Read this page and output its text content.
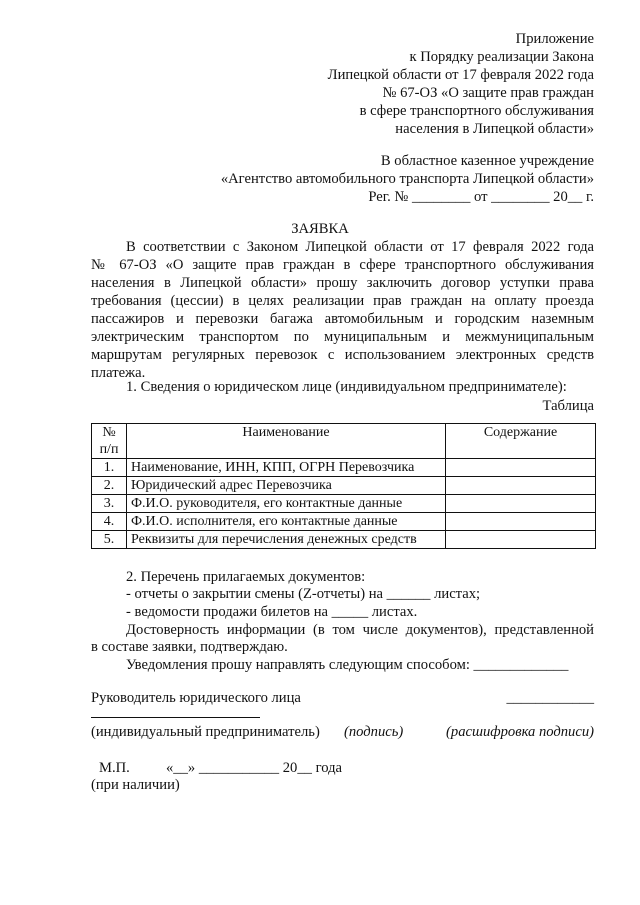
Приложение
к Порядку реализации Закона
Липецкой области от 17 февраля 2022 года
№ 67-ОЗ «О защите прав граждан
в сфере транспортного обслуживания
населения в Липецкой области»
В областное казенное учреждение
«Агентство автомобильного транспорта Липецкой области»
Рег. № ________ от ________ 20__ г.
ЗАЯВКА
В соответствии с Законом Липецкой области от 17 февраля 2022 года
№ 67-ОЗ «О защите прав граждан в сфере транспортного обслуживания
населения в Липецкой области» прошу заключить договор уступки права
требования (цессии) в целях реализации прав граждан на оплату проезда
пассажиров и перевозки багажа автомобильным и городским наземным
электрическим транспортом по муниципальным и межмуниципальным
маршрутам регулярных перевозок с использованием электронных средств
платежа.
1. Сведения о юридическом лице (индивидуальном предпринимателе):
Таблица
№
п/п	Наименование	Содержание
1.	Наименование, ИНН, КПП, ОГРН Перевозчика	
2.	Юридический адрес Перевозчика	
3.	Ф.И.О. руководителя, его контактные данные	
4.	Ф.И.О. исполнителя, его контактные данные	
5.	Реквизиты для перечисления денежных средств	
2. Перечень прилагаемых документов:
- отчеты о закрытии смены (Z-отчеты) на ______ листах;
- ведомости продажи билетов на _____ листах.
Достоверность информации (в том числе документов), представленной
в составе заявки, подтверждаю.
Уведомления прошу направлять следующим способом: _____________
Руководитель юридического лица	____________
(индивидуальный предприниматель) (подпись)	(расшифровка подписи)
М.П. «__» ___________ 20__ года
(при наличии)
